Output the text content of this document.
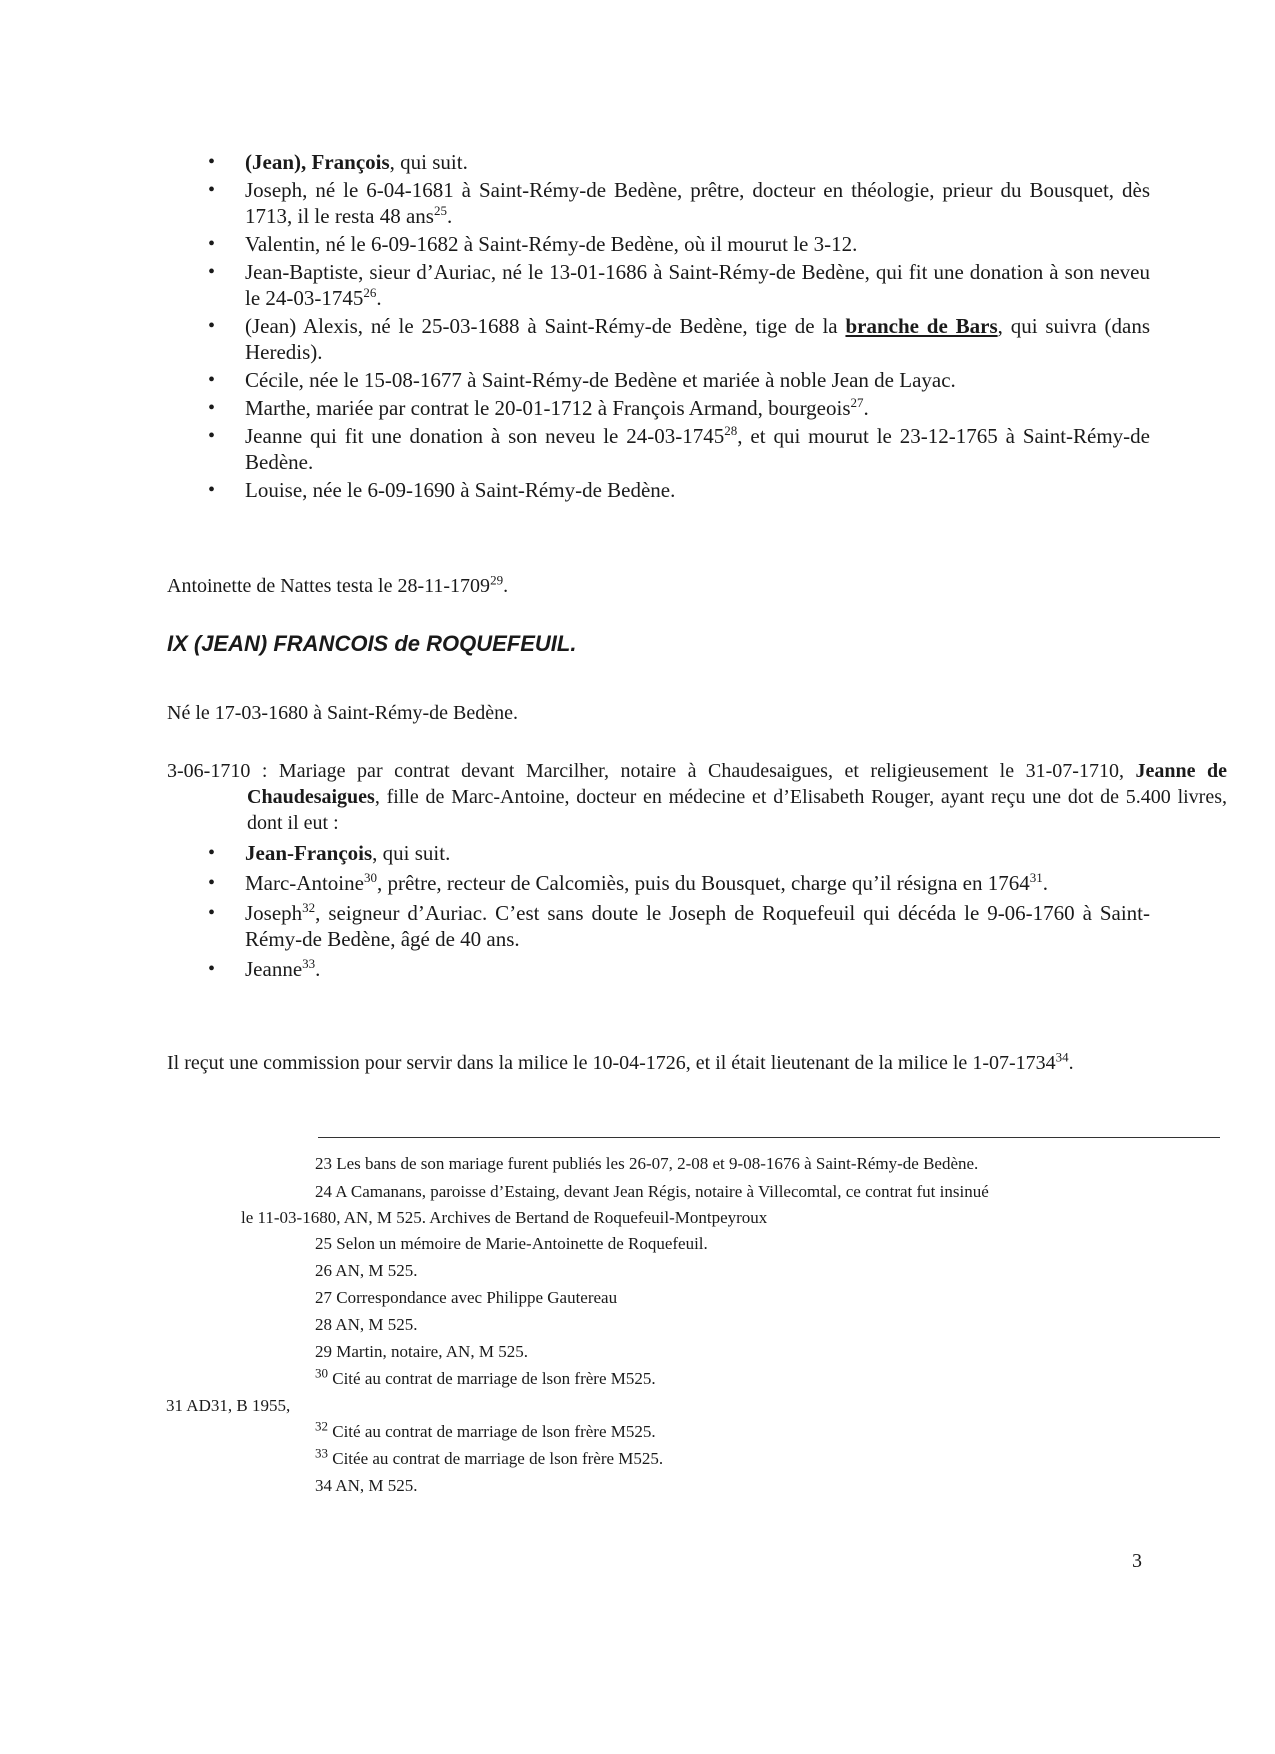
• (Jean), François, qui suit.
• Joseph, né le 6-04-1681 à Saint-Rémy-de Bedène, prêtre, docteur en théologie, prieur du Bousquet, dès 1713, il le resta 48 ans$^{25}$.
• Valentin, né le 6-09-1682 à Saint-Rémy-de Bedène, où il mourut le 3-12.
• Jean-Baptiste, sieur d’Auriac, né le 13-01-1686 à Saint-Rémy-de Bedène, qui fit une donation à son neveu le 24-03-1745$^{26}$.
• (Jean) Alexis, né le 25-03-1688 à Saint-Rémy-de Bedène, tige de la branche de Bars, qui suivra (dans Heredis).
• Cécile, née le 15-08-1677 à Saint-Rémy-de Bedène et mariée à noble Jean de Layac.
• Marthe, mariée par contrat le 20-01-1712 à François Armand, bourgeois$^{27}$.
• Jeanne qui fit une donation à son neveu le 24-03-1745$^{28}$, et qui mourut le 23-12-1765 à Saint-Rémy-de Bedène.
• Louise, née le 6-09-1690 à Saint-Rémy-de Bedène.
Antoinette de Nattes testa le 28-11-1709$^{29}$.
IX (JEAN) FRANCOIS de ROQUEFEUIL.
Né le 17-03-1680 à Saint-Rémy-de Bedène.
3-06-1710 : Mariage par contrat devant Marcilher, notaire à Chaudesaigues, et religieusement le 31-07-1710, Jeanne de Chaudesaigues, fille de Marc-Antoine, docteur en médecine et d’Elisabeth Rouger, ayant reçu une dot de 5.400 livres, dont il eut :
• Jean-François, qui suit.
• Marc-Antoine$^{30}$, prêtre, recteur de Calcomiès, puis du Bousquet, charge qu’il résigna en 1764$^{31}$.
• Joseph$^{32}$, seigneur d’Auriac. C’est sans doute le Joseph de Roquefeuil qui décéda le 9-06-1760 à Saint-Rémy-de Bedène, âgé de 40 ans.
• Jeanne$^{33}$.
Il reçut une commission pour servir dans la milice le 10-04-1726, et il était lieutenant de la milice le 1-07-1734$^{34}$.
23 Les bans de son mariage furent publiés les 26-07, 2-08 et 9-08-1676 à Saint-Rémy-de Bedène.
24 A Camanans, paroisse d’Estaing, devant Jean Régis, notaire à Villecomtal, ce contrat fut insinué
le 11-03-1680, AN, M 525. Archives de Bertand de Roquefeuil-Montpeyroux
25 Selon un mémoire de Marie-Antoinette de Roquefeuil.
26 AN, M 525.
27 Correspondance avec Philippe Gautereau
28 AN, M 525.
29 Martin, notaire, AN, M 525.
$^{30}$ Cité au contrat de marriage de lson frère M525.
31 AD31, B 1955,
$^{32}$ Cité au contrat de marriage de lson frère M525.
$^{33}$ Citée au contrat de marriage de lson frère M525.
34 AN, M 525.
3
